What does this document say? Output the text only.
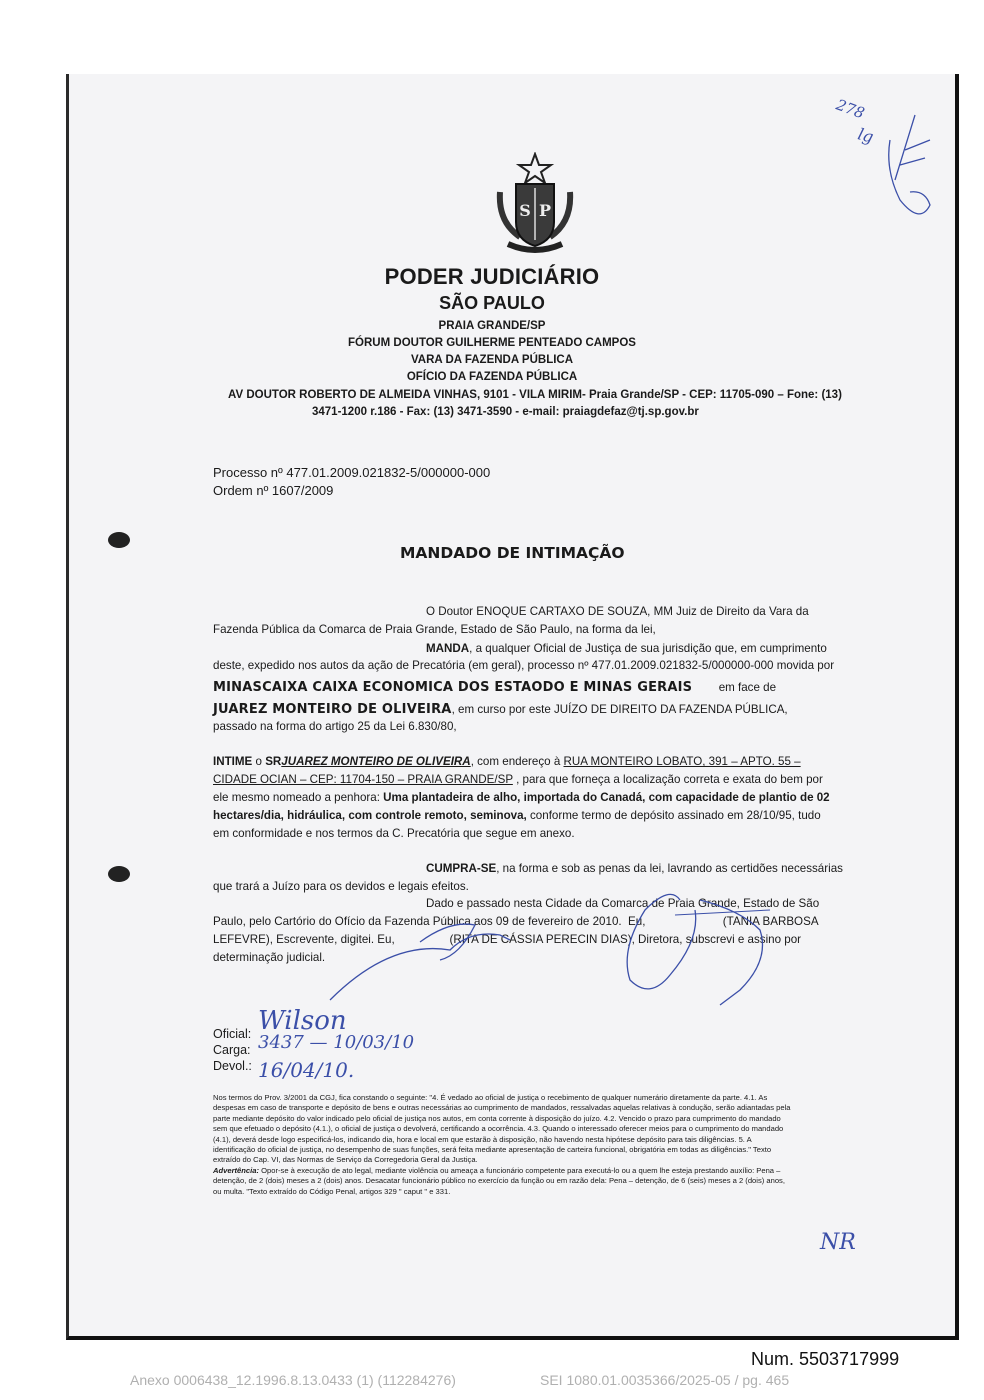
S P
PODER JUDICIÁRIO
SÃO PAULO
PRAIA GRANDE/SP
FÓRUM DOUTOR GUILHERME PENTEADO CAMPOS
VARA DA FAZENDA PÚBLICA
OFÍCIO DA FAZENDA PÚBLICA
AV DOUTOR ROBERTO DE ALMEIDA VINHAS, 9101 - VILA MIRIM- Praia Grande/SP - CEP: 11705-090 – Fone: (13)
3471-1200 r.186 - Fax: (13) 3471-3590 - e-mail: praiagdefaz@tj.sp.gov.br
Processo nº 477.01.2009.021832-5/000000-000
Ordem nº 1607/2009
MANDADO DE INTIMAÇÃO
O Doutor ENOQUE CARTAXO DE SOUZA, MM Juiz de Direito da Vara da
Fazenda Pública da Comarca de Praia Grande, Estado de São Paulo, na forma da lei,
MANDA, a qualquer Oficial de Justiça de sua jurisdição que, em cumprimento
deste, expedido nos autos da ação de Precatória (em geral), processo nº 477.01.2009.021832-5/000000-000 movida por
MINASCAIXA CAIXA ECONOMICA DOS ESTAODO E MINAS GERAIS em face de
JUAREZ MONTEIRO DE OLIVEIRA, em curso por este JUÍZO DE DIREITO DA FAZENDA PÚBLICA,
passado na forma do artigo 25 da Lei 6.830/80,
INTIME o SRJUAREZ MONTEIRO DE OLIVEIRA, com endereço à RUA MONTEIRO LOBATO, 391 – APTO. 55 –
CIDADE OCIAN – CEP: 11704-150 – PRAIA GRANDE/SP , para que forneça a localização correta e exata do bem por
ele mesmo nomeado a penhora: Uma plantadeira de alho, importada do Canadá, com capacidade de plantio de 02
hectares/dia, hidráulica, com controle remoto, seminova, conforme termo de depósito assinado em 28/10/95, tudo
em conformidade e nos termos da C. Precatória que segue em anexo.
CUMPRA-SE, na forma e sob as penas da lei, lavrando as certidões necessárias
que trará a Juízo para os devidos e legais efeitos.
Dado e passado nesta Cidade da Comarca de Praia Grande, Estado de São
Paulo, pelo Cartório do Ofício da Fazenda Pública aos 09 de fevereiro de 2010.  Eu,                        (TANIA BARBOSA
LEFEVRE), Escrevente, digitei. Eu,                 (RITA DE CÁSSIA PERECIN DIAS), Diretora, subscrevi e assino por
determinação judicial.
Oficial: Wilson
Carga: 3437 — 10/03/10
Devol.: 16/04/10.
Nos termos do Prov. 3/2001 da CGJ, fica constando o seguinte: "4. É vedado ao oficial de justiça o recebimento de qualquer numerário diretamente da parte. 4.1. As
despesas em caso de transporte e depósito de bens e outras necessárias ao cumprimento de mandados, ressalvadas aquelas relativas à condução, serão adiantadas pela
parte mediante depósito do valor indicado pelo oficial de justiça nos autos, em conta corrente à disposição do juízo. 4.2. Vencido o prazo para cumprimento do mandado
sem que efetuado o depósito (4.1.), o oficial de justiça o devolverá, certificando a ocorrência. 4.3. Quando o interessado oferecer meios para o cumprimento do mandado
(4.1), deverá desde logo especificá-los, indicando dia, hora e local em que estarão à disposição, não havendo nesta hipótese depósito para tais diligências. 5. A
identificação do oficial de justiça, no desempenho de suas funções, será feita mediante apresentação de carteira funcional, obrigatória em todas as diligências." Texto
extraído do Cap. VI, das Normas de Serviço da Corregedoria Geral da Justiça.
Advertência: Opor-se à execução de ato legal, mediante violência ou ameaça a funcionário competente para executá-lo ou a quem lhe esteja prestando auxílio: Pena –
detenção, de 2 (dois) meses a 2 (dois) anos. Desacatar funcionário público no exercício da função ou em razão dela: Pena – detenção, de 6 (seis) meses a 2 (dois) anos,
ou multa. "Texto extraído do Código Penal, artigos 329 " caput " e 331.
278
lg
NR
Num. 5503717999
Anexo 0006438_12.1996.8.13.0433 (1) (112284276)	SEI 1080.01.0035366/2025-05 / pg. 465
